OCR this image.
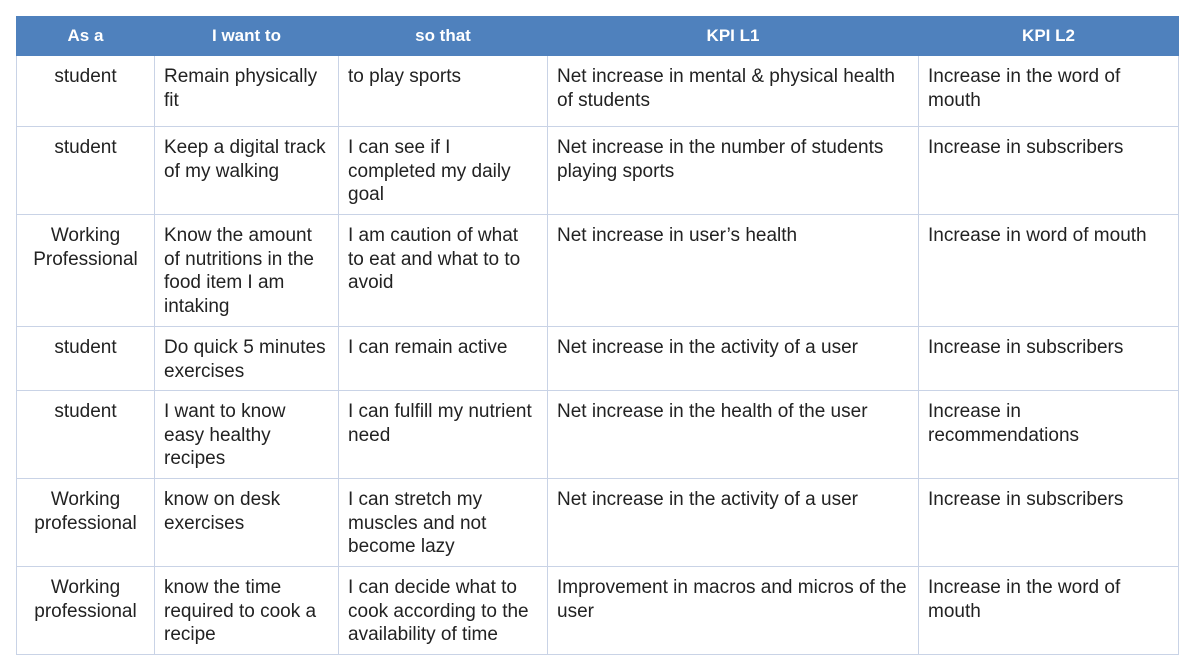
As a	I want to	so that	KPI L1	KPI L2
student	Remain physically fit	to play sports	Net increase in mental & physical health of students	Increase in the word of mouth
student	Keep a digital track of my walking	I can see if I completed my daily goal	Net increase in the number of students playing sports	Increase in subscribers
Working Professional	Know the amount of nutritions in the food item I am intaking	I am caution of what to eat and what to to avoid	Net increase in user’s health	Increase in word of mouth
student	Do quick 5 minutes exercises	I can remain active	Net increase in the activity of a user	Increase in subscribers
student	I want to know easy healthy recipes	I can fulfill my nutrient need	Net increase in the health of the user	Increase in recommendations
Working professional	know on desk exercises	I can stretch my muscles and not become lazy	Net increase in the activity of a user	Increase in subscribers
Working professional	know the time required to cook a recipe	I can decide what to cook according to the availability of time	Improvement in macros and micros of the user	Increase in the word of mouth
